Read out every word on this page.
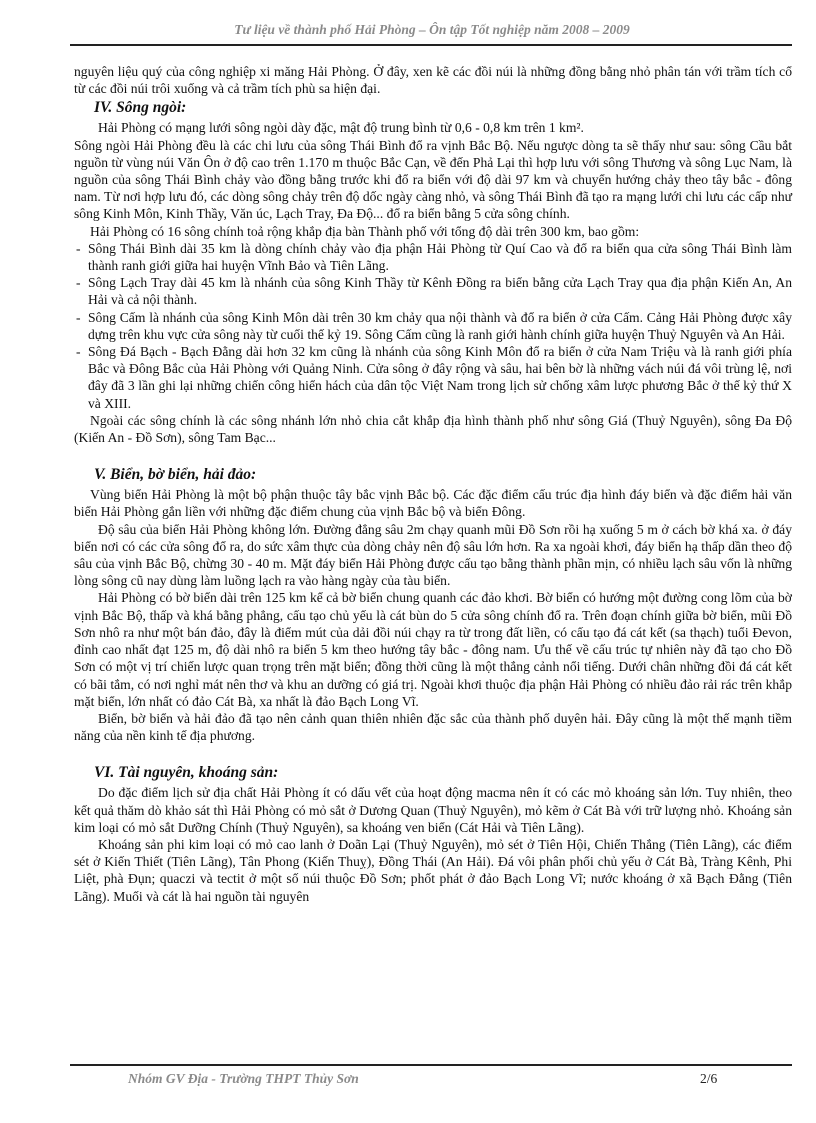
Tư liệu về thành phố Hải Phòng – Ôn tập Tốt nghiệp năm 2008 – 2009

nguyên liệu quý của công nghiệp xi măng Hải Phòng. Ở đây, xen kẽ các đồi núi là những đồng bằng nhỏ phân tán với trầm tích cổ từ các đồi núi trôi xuống và cả trầm tích phù sa hiện đại.

IV. Sông ngòi:

Hải Phòng có mạng lưới sông ngòi dày đặc, mật độ trung bình từ 0,6 - 0,8 km trên 1 km².

Sông ngòi Hải Phòng đều là các chi lưu của sông Thái Bình đổ ra vịnh Bắc Bộ. Nếu ngược dòng ta sẽ thấy như sau: sông Cầu bắt nguồn từ vùng núi Văn Ôn ở độ cao trên 1.170 m thuộc Bắc Cạn, về đến Phả Lại thì hợp lưu với sông Thương và sông Lục Nam, là nguồn của sông Thái Bình chảy vào đồng bằng trước khi đổ ra biển với độ dài 97 km và chuyển hướng chảy theo tây bắc - đông nam. Từ nơi hợp lưu đó, các dòng sông chảy trên độ dốc ngày càng nhỏ, và sông Thái Bình đã tạo ra mạng lưới chi lưu các cấp như sông Kinh Môn, Kinh Thầy, Văn úc, Lạch Tray, Đa Độ... đổ ra biển bằng 5 cửa sông chính.

Hải Phòng có 16 sông chính toả rộng khắp địa bàn Thành phố với tổng độ dài trên 300 km, bao gồm:

- Sông Thái Bình dài 35 km là dòng chính chảy vào địa phận Hải Phòng từ Quí Cao và đổ ra biển qua cửa sông Thái Bình làm thành ranh giới giữa hai huyện Vĩnh Bảo và Tiên Lãng.
- Sông Lạch Tray dài 45 km là nhánh của sông Kinh Thầy từ Kênh Đồng ra biển bằng cửa Lạch Tray qua địa phận Kiến An, An Hải và cả nội thành.
- Sông Cấm là nhánh của sông Kinh Môn dài trên 30 km chảy qua nội thành và đổ ra biển ở cửa Cấm. Cảng Hải Phòng được xây dựng trên khu vực cửa sông này từ cuối thế kỷ 19. Sông Cấm cũng là ranh giới hành chính giữa huyện Thuỷ Nguyên và An Hải.
- Sông Đá Bạch - Bạch Đằng dài hơn 32 km cũng là nhánh của sông Kinh Môn đổ ra biển ở cửa Nam Triệu và là ranh giới phía Bắc và Đông Bắc của Hải Phòng với Quảng Ninh. Cửa sông ở đây rộng và sâu, hai bên bờ là những vách núi đá vôi trùng lệ, nơi đây đã 3 lần ghi lại những chiến công hiển hách của dân tộc Việt Nam trong lịch sử chống xâm lược phương Bắc ở thế kỷ thứ X và XIII.

Ngoài các sông chính là các sông nhánh lớn nhỏ chia cắt khắp địa hình thành phố như sông Giá (Thuỷ Nguyên), sông Đa Độ (Kiến An - Đồ Sơn), sông Tam Bạc...

V. Biển, bờ biển, hải đảo:

Vùng biển Hải Phòng là một bộ phận thuộc tây bắc vịnh Bắc bộ. Các đặc điểm cấu trúc địa hình đáy biển và đặc điểm hải văn biển Hải Phòng gắn liền với những đặc điểm chung của vịnh Bắc bộ và biển Đông.

Độ sâu của biển Hải Phòng không lớn. Đường đẳng sâu 2m chạy quanh mũi Đồ Sơn rồi hạ xuống 5 m ở cách bờ khá xa. ở đáy biển nơi có các cửa sông đổ ra, do sức xâm thực của dòng chảy nên độ sâu lớn hơn. Ra xa ngoài khơi, đáy biển hạ thấp dần theo độ sâu của vịnh Bắc Bộ, chừng 30 - 40 m. Mặt đáy biển Hải Phòng được cấu tạo bằng thành phần mịn, có nhiều lạch sâu vốn là những lòng sông cũ nay dùng làm luồng lạch ra vào hàng ngày của tàu biển.

Hải Phòng có bờ biển dài trên 125 km kể cả bờ biển chung quanh các đảo khơi. Bờ biển có hướng một đường cong lõm của bờ vịnh Bắc Bộ, thấp và khá bằng phẳng, cấu tạo chủ yếu là cát bùn do 5 cửa sông chính đổ ra. Trên đoạn chính giữa bờ biển, mũi Đồ Sơn nhô ra như một bán đảo, đây là điểm mút của dải đồi núi chạy ra từ trong đất liền, có cấu tạo đá cát kết (sa thạch) tuổi Đevon, đỉnh cao nhất đạt 125 m, độ dài nhô ra biển 5 km theo hướng tây bắc - đông nam. Ưu thế về cấu trúc tự nhiên này đã tạo cho Đồ Sơn có một vị trí chiến lược quan trọng trên mặt biển; đồng thời cũng là một thắng cảnh nổi tiếng. Dưới chân những đồi đá cát kết có bãi tắm, có nơi nghỉ mát nên thơ và khu an dưỡng có giá trị. Ngoài khơi thuộc địa phận Hải Phòng có nhiều đảo rải rác trên khắp mặt biển, lớn nhất có đảo Cát Bà, xa nhất là đảo Bạch Long Vĩ.

Biển, bờ biển và hải đảo đã tạo nên cảnh quan thiên nhiên đặc sắc của thành phố duyên hải. Đây cũng là một thế mạnh tiềm năng của nền kinh tế địa phương.

VI. Tài nguyên, khoáng sản:

Do đặc điểm lịch sử địa chất Hải Phòng ít có dấu vết của hoạt động macma nên ít có các mỏ khoáng sản lớn. Tuy nhiên, theo kết quả thăm dò khảo sát thì Hải Phòng có mỏ sắt ở Dương Quan (Thuỷ Nguyên), mỏ kẽm ở Cát Bà với trữ lượng nhỏ. Khoáng sản kim loại có mỏ sắt Dưỡng Chính (Thuỷ Nguyên), sa khoáng ven biển (Cát Hải và Tiên Lãng).

Khoáng sản phi kim loại có mỏ cao lanh ở Doãn Lại (Thuỷ Nguyên), mỏ sét ở Tiên Hội, Chiến Thắng (Tiên Lãng), các điểm sét ở Kiến Thiết (Tiên Lãng), Tân Phong (Kiến Thuỵ), Đồng Thái (An Hải). Đá vôi phân phối chủ yếu ở Cát Bà, Tràng Kênh, Phi Liệt, phà Đụn; quaczi và tectit ở một số núi thuộc Đồ Sơn; phốt phát ở đảo Bạch Long Vĩ; nước khoáng ở xã Bạch Đằng (Tiên Lãng). Muối và cát là hai nguồn tài nguyên

Nhóm GV Địa - Trường THPT Thủy Sơn	2/6
